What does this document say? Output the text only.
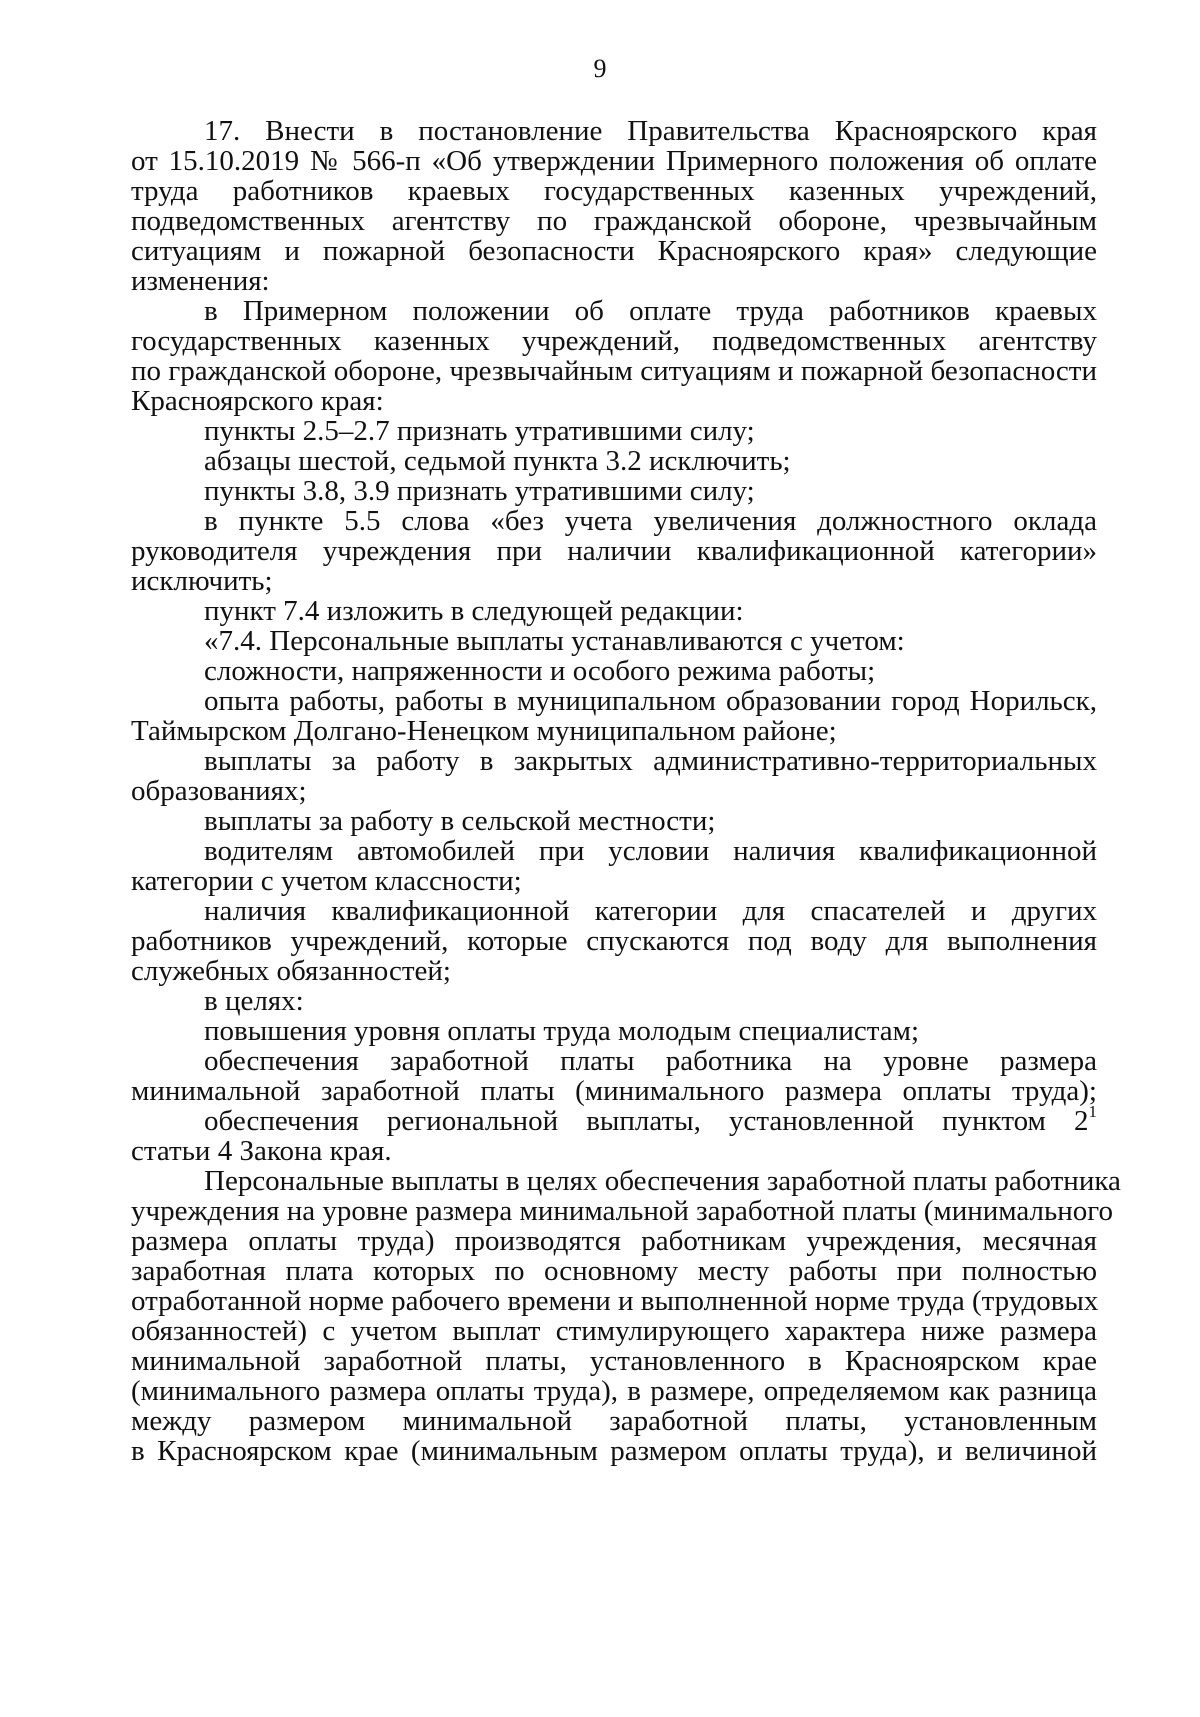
9
17. Внести в постановление Правительства Красноярского края
от 15.10.2019 № 566-п «Об утверждении Примерного положения об оплате
труда работников краевых государственных казенных учреждений,
подведомственных агентству по гражданской обороне, чрезвычайным
ситуациям и пожарной безопасности Красноярского края» следующие
изменения:
в Примерном положении об оплате труда работников краевых
государственных казенных учреждений, подведомственных агентству
по гражданской обороне, чрезвычайным ситуациям и пожарной безопасности
Красноярского края:
пункты 2.5–2.7 признать утратившими силу;
абзацы шестой, седьмой пункта 3.2 исключить;
пункты 3.8, 3.9 признать утратившими силу;
в пункте 5.5 слова «без учета увеличения должностного оклада
руководителя учреждения при наличии квалификационной категории»
исключить;
пункт 7.4 изложить в следующей редакции:
«7.4. Персональные выплаты устанавливаются с учетом:
сложности, напряженности и особого режима работы;
опыта работы, работы в муниципальном образовании город Норильск,
Таймырском Долгано-Ненецком муниципальном районе;
выплаты за работу в закрытых административно-территориальных
образованиях;
выплаты за работу в сельской местности;
водителям автомобилей при условии наличия квалификационной
категории с учетом классности;
наличия квалификационной категории для спасателей и других
работников учреждений, которые спускаются под воду для выполнения
служебных обязанностей;
в целях:
повышения уровня оплаты труда молодым специалистам;
обеспечения заработной платы работника на уровне размера
минимальной заработной платы (минимального размера оплаты труда);
обеспечения региональной выплаты, установленной пунктом $2^1$
статьи 4 Закона края.
Персональные выплаты в целях обеспечения заработной платы работника
учреждения на уровне размера минимальной заработной платы (минимального
размера оплаты труда) производятся работникам учреждения, месячная
заработная плата которых по основному месту работы при полностью
отработанной норме рабочего времени и выполненной норме труда (трудовых
обязанностей) с учетом выплат стимулирующего характера ниже размера
минимальной заработной платы, установленного в Красноярском крае
(минимального размера оплаты труда), в размере, определяемом как разница
между размером минимальной заработной платы, установленным
в Красноярском крае (минимальным размером оплаты труда), и величиной
